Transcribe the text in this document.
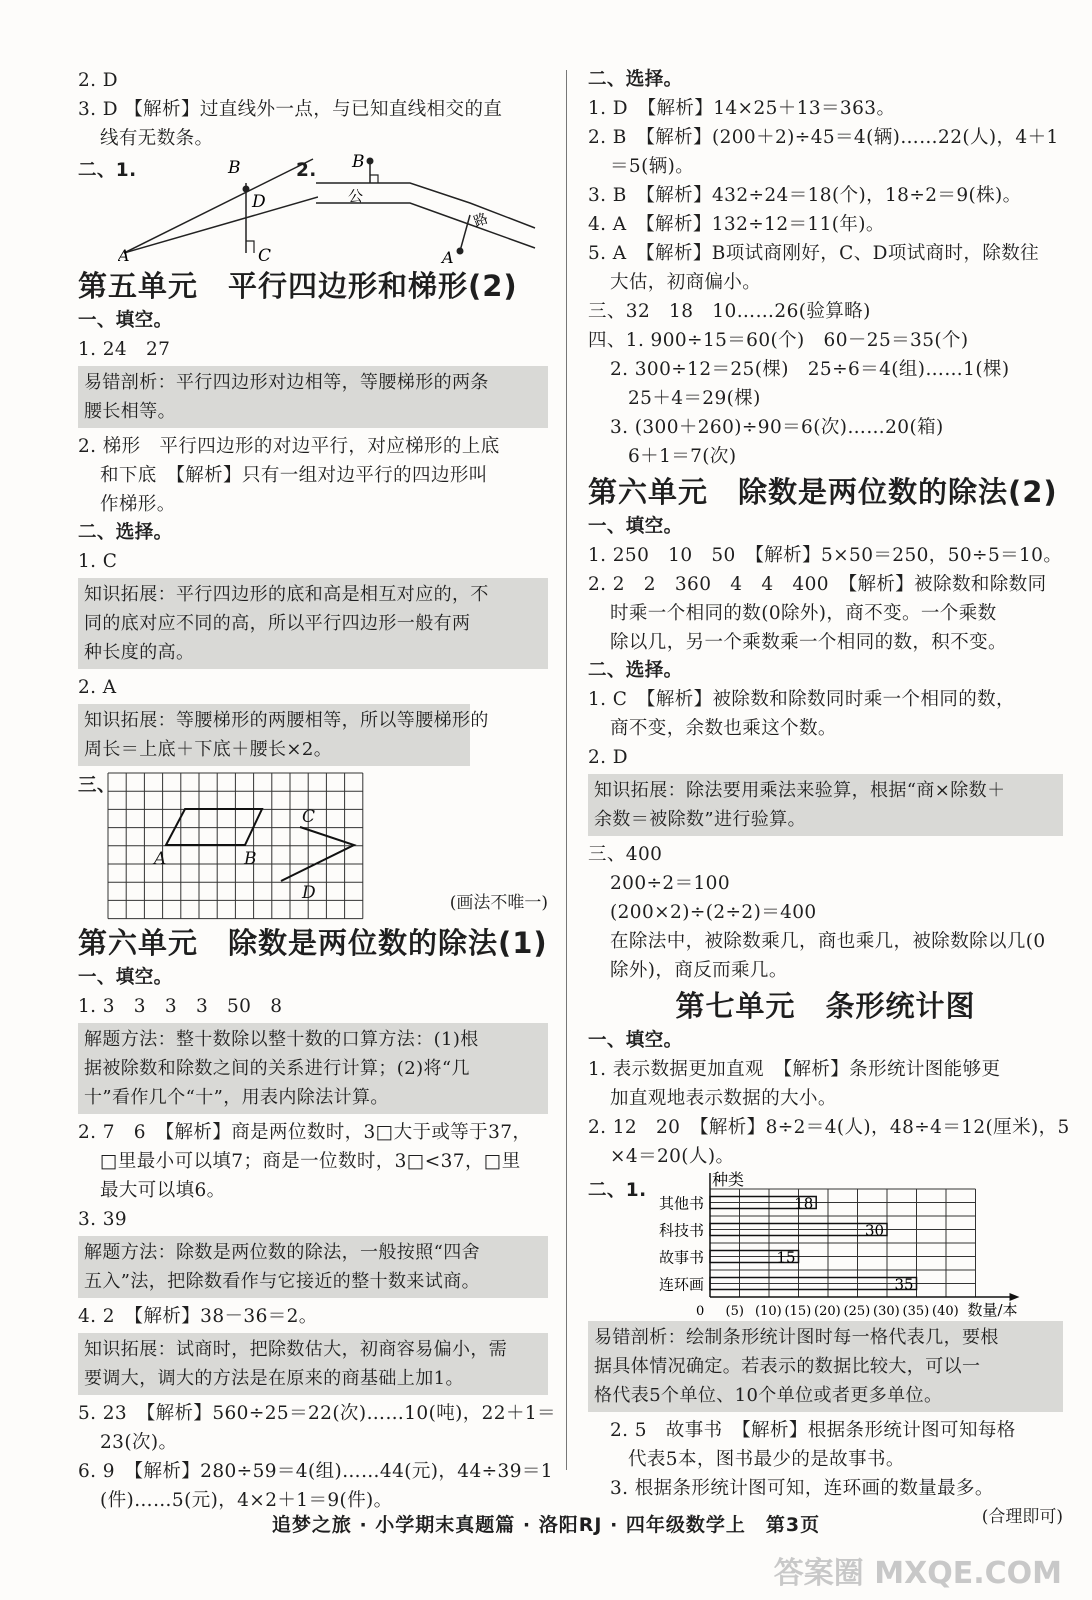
2. D
3. D 【解析】过直线外一点，与已知直线相交的直
线有无数条。
二、1.	B
D
A	C
2. B
公
路
A
第五单元　平行四边形和梯形(2)
一、填空。
1. 24　27
易错剖析：平行四边形对边相等，等腰梯形的两条
腰长相等。
2. 梯形　平行四边形的对边平行，对应梯形的上底
和下底　【解析】只有一组对边平行的四边形叫
作梯形。
二、选择。
1. C
知识拓展：平行四边形的底和高是相互对应的，不
同的底对应不同的高，所以平行四边形一般有两
种长度的高。
2. A
知识拓展：等腰梯形的两腰相等，所以等腰梯形的
周长＝上底＋下底＋腰长×2。
三、
A	B
C
D	(画法不唯一)
第六单元　除数是两位数的除法(1)
一、填空。
1. 3　3　3　3　50　8
解题方法：整十数除以整十数的口算方法：(1)根
据被除数和除数之间的关系进行计算；(2)将“几
十”看作几个“十”，用表内除法计算。
2. 7　6　【解析】商是两位数时，3□大于或等于37，
□里最小可以填7；商是一位数时，3□<37，□里
最大可以填6。
3. 39
解题方法：除数是两位数的除法，一般按照“四舍
五入”法，把除数看作与它接近的整十数来试商。
4. 2　【解析】38－36＝2。
知识拓展：试商时，把除数估大，初商容易偏小，需
要调大，调大的方法是在原来的商基础上加1。
5. 23　【解析】560÷25＝22(次)……10(吨)，22＋1＝
23(次)。
6. 9　【解析】280÷59＝4(组)……44(元)，44÷39＝1
(件)……5(元)，4×2＋1＝9(件)。
二、选择。
1. D　【解析】14×25＋13＝363。
2. B　【解析】(200＋2)÷45＝4(辆)……22(人)，4＋1
＝5(辆)。
3. B　【解析】432÷24＝18(个)，18÷2＝9(株)。
4. A　【解析】132÷12＝11(年)。
5. A　【解析】B项试商刚好，C、D项试商时，除数往
大估，初商偏小。
三、32　18　10……26(验算略)
四、1. 900÷15＝60(个)　60－25＝35(个)
2. 300÷12＝25(棵)　25÷6＝4(组)……1(棵)
25＋4＝29(棵)
3. (300＋260)÷90＝6(次)……20(箱)
6＋1＝7(次)
第六单元　除数是两位数的除法(2)
一、填空。
1. 250　10　50　【解析】5×50＝250，50÷5＝10。
2. 2　2　360　4　4　400　【解析】被除数和除数同
时乘一个相同的数(0除外)，商不变。一个乘数
除以几，另一个乘数乘一个相同的数，积不变。
二、选择。
1. C　【解析】被除数和除数同时乘一个相同的数，
商不变，余数也乘这个数。
2. D
知识拓展：除法要用乘法来验算，根据“商×除数＋
余数＝被除数”进行验算。
三、400
200÷2＝100
(200×2)÷(2÷2)＝400
在除法中，被除数乘几，商也乘几，被除数除以几(0
除外)，商反而乘几。
第七单元　条形统计图
一、填空。
1. 表示数据更加直观　【解析】条形统计图能够更
加直观地表示数据的大小。
2. 12　20　【解析】8÷2＝4(人)，48÷4＝12(厘米)，5
×4＝20(人)。
二、1.
种类
0 (5) (10) (15) (20) (25) (30) (35) (40) 数量/本
其他书	18
科技书	30
故事书	15
连环画	35
易错剖析：绘制条形统计图时每一格代表几，要根
据具体情况确定。若表示的数据比较大，可以一
格代表5个单位、10个单位或者更多单位。
2. 5　故事书　【解析】根据条形统计图可知每格
代表5本，图书最少的是故事书。
3. 根据条形统计图可知，连环画的数量最多。
(合理即可)
追梦之旅 · 小学期末真题篇 · 洛阳RJ · 四年级数学上　第3页
答案圈 MXQE.COM
